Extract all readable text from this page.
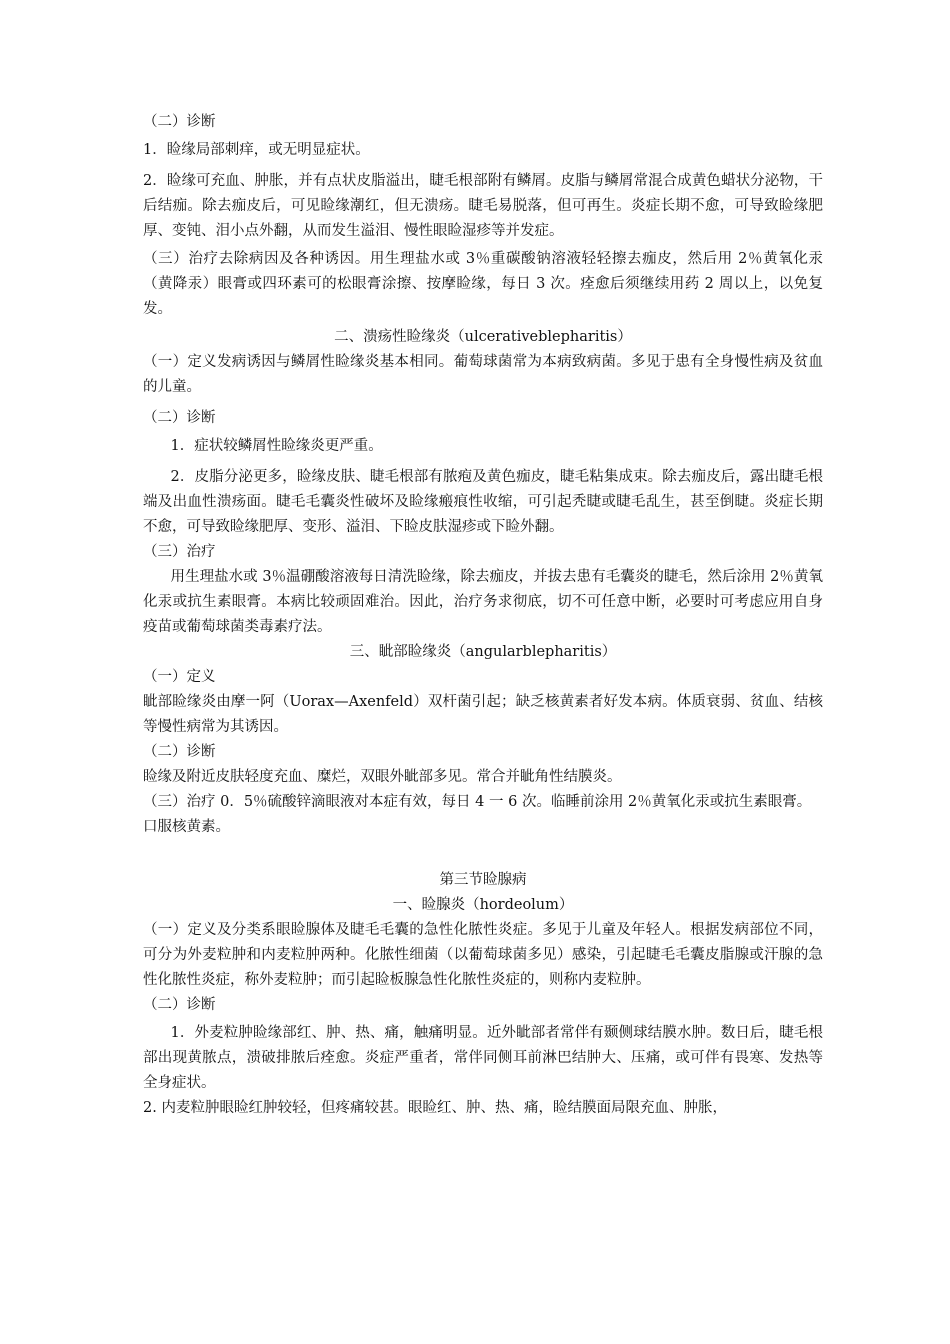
（二）诊断

1．睑缘局部刺痒，或无明显症状。

2．睑缘可充血、肿胀，并有点状皮脂溢出，睫毛根部附有鳞屑。皮脂与鳞屑常混合成黄色蜡状分泌物，干后结痂。除去痂皮后，可见睑缘潮红，但无溃疡。睫毛易脱落，但可再生。炎症长期不愈，可导致睑缘肥厚、变钝、泪小点外翻，从而发生溢泪、慢性眼睑湿疹等并发症。

（三）治疗去除病因及各种诱因。用生理盐水或 3％重碳酸钠溶液轻轻擦去痂皮，然后用 2％黄氧化汞（黄降汞）眼膏或四环素可的松眼膏涂擦、按摩睑缘，每日 3 次。痊愈后须继续用药 2 周以上，以免复发。

二、溃疡性睑缘炎（ulcerativeblepharitis）

（一）定义发病诱因与鳞屑性睑缘炎基本相同。葡萄球菌常为本病致病菌。多见于患有全身慢性病及贫血的儿童。

（二）诊断

1．症状较鳞屑性睑缘炎更严重。

2．皮脂分泌更多，睑缘皮肤、睫毛根部有脓疱及黄色痂皮，睫毛粘集成束。除去痂皮后，露出睫毛根端及出血性溃疡面。睫毛毛囊炎性破坏及睑缘瘢痕性收缩，可引起秃睫或睫毛乱生，甚至倒睫。炎症长期不愈，可导致睑缘肥厚、变形、溢泪、下睑皮肤湿疹或下睑外翻。

（三）治疗

用生理盐水或 3％温硼酸溶液每日清洗睑缘，除去痂皮，并拔去患有毛囊炎的睫毛，然后涂用 2％黄氧化汞或抗生素眼膏。本病比较顽固难治。因此，治疗务求彻底，切不可任意中断，必要时可考虑应用自身疫苗或葡萄球菌类毒素疗法。

三、眦部睑缘炎（angularblepharitis）

（一）定义

眦部睑缘炎由摩一阿（Uorax—Axenfeld）双杆菌引起；缺乏核黄素者好发本病。体质衰弱、贫血、结核等慢性病常为其诱因。

（二）诊断

睑缘及附近皮肤轻度充血、糜烂，双眼外眦部多见。常合并眦角性结膜炎。

（三）治疗 0．5％硫酸锌滴眼液对本症有效，每日 4 一 6 次。临睡前涂用 2％黄氧化汞或抗生素眼膏。

口服核黄素。

第三节睑腺病

一、睑腺炎（hordeolum）

（一）定义及分类系眼睑腺体及睫毛毛囊的急性化脓性炎症。多见于儿童及年轻人。根据发病部位不同，可分为外麦粒肿和内麦粒肿两种。化脓性细菌（以葡萄球菌多见）感染，引起睫毛毛囊皮脂腺或汗腺的急性化脓性炎症，称外麦粒肿；而引起睑板腺急性化脓性炎症的，则称内麦粒肿。

（二）诊断

1．外麦粒肿睑缘部红、肿、热、痛，触痛明显。近外眦部者常伴有颞侧球结膜水肿。数日后，睫毛根部出现黄脓点，溃破排脓后痊愈。炎症严重者，常伴同侧耳前淋巴结肿大、压痛，或可伴有畏寒、发热等全身症状。

2. 内麦粒肿眼睑红肿较轻，但疼痛较甚。眼睑红、肿、热、痛，睑结膜面局限充血、肿胀，
